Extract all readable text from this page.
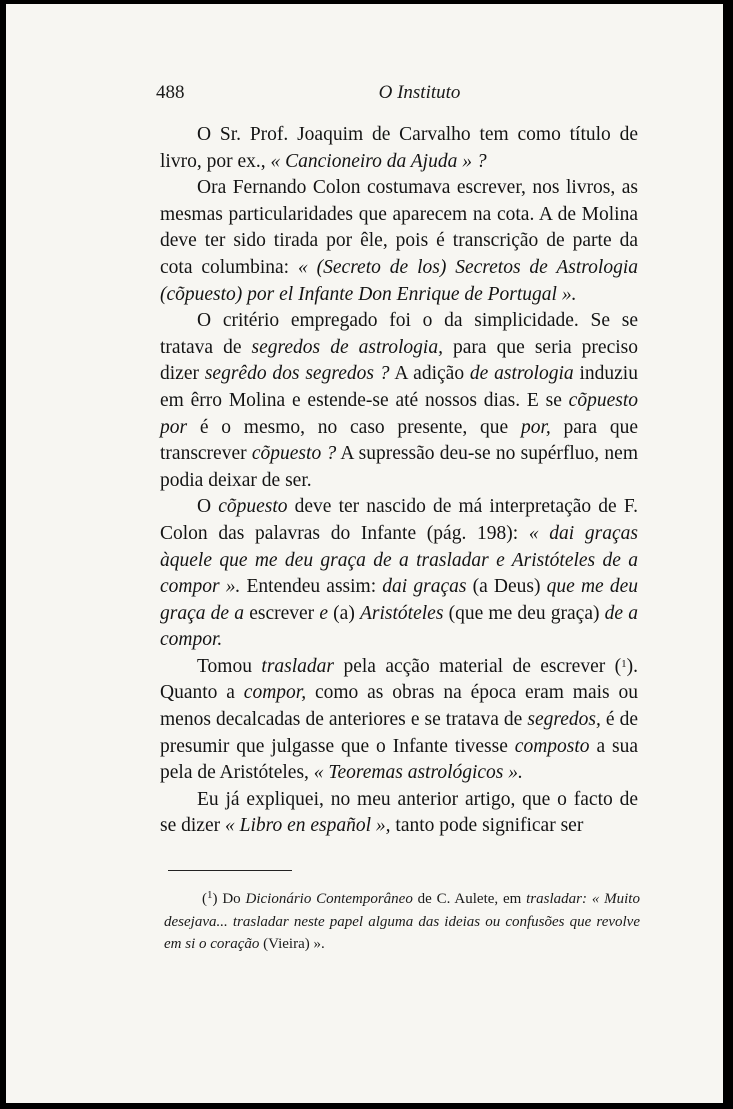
488	O Instituto

O Sr. Prof. Joaquim de Carvalho tem como título de livro, por ex., « Cancioneiro da Ajuda » ?

Ora Fernando Colon costumava escrever, nos livros, as mesmas particularidades que aparecem na cota. A de Molina deve ter sido tirada por êle, pois é transcrição de parte da cota columbina: « (Secreto de los) Secretos de Astrologia (cõpuesto) por el Infante Don Enrique de Portugal ».

O critério empregado foi o da simplicidade. Se se tratava de segredos de astrologia, para que seria preciso dizer segrêdo dos segredos ? A adição de astrologia induziu em êrro Molina e estende-se até nossos dias. E se cõpuesto por é o mesmo, no caso presente, que por, para que transcrever cõpuesto ? A supressão deu-se no supérfluo, nem podia deixar de ser.

O cõpuesto deve ter nascido de má interpretação de F. Colon das palavras do Infante (pág. 198): « dai graças àquele que me deu graça de a trasladar e Aristóteles de a compor ». Entendeu assim: dai graças (a Deus) que me deu graça de a escrever e (a) Aristóteles (que me deu graça) de a compor.

Tomou trasladar pela acção material de escrever ($^1$). Quanto a compor, como as obras na época eram mais ou menos decalcadas de anteriores e se tratava de segredos, é de presumir que julgasse que o Infante tivesse composto a sua pela de Aristóteles, « Teoremas astrológicos ».

Eu já expliquei, no meu anterior artigo, que o facto de se dizer « Libro en español », tanto pode significar ser

($^1$) Do Dicionário Contemporâneo de C. Aulete, em trasladar: « Muito desejava... trasladar neste papel alguma das ideias ou confusões que revolve em si o coração (Vieira) ».
